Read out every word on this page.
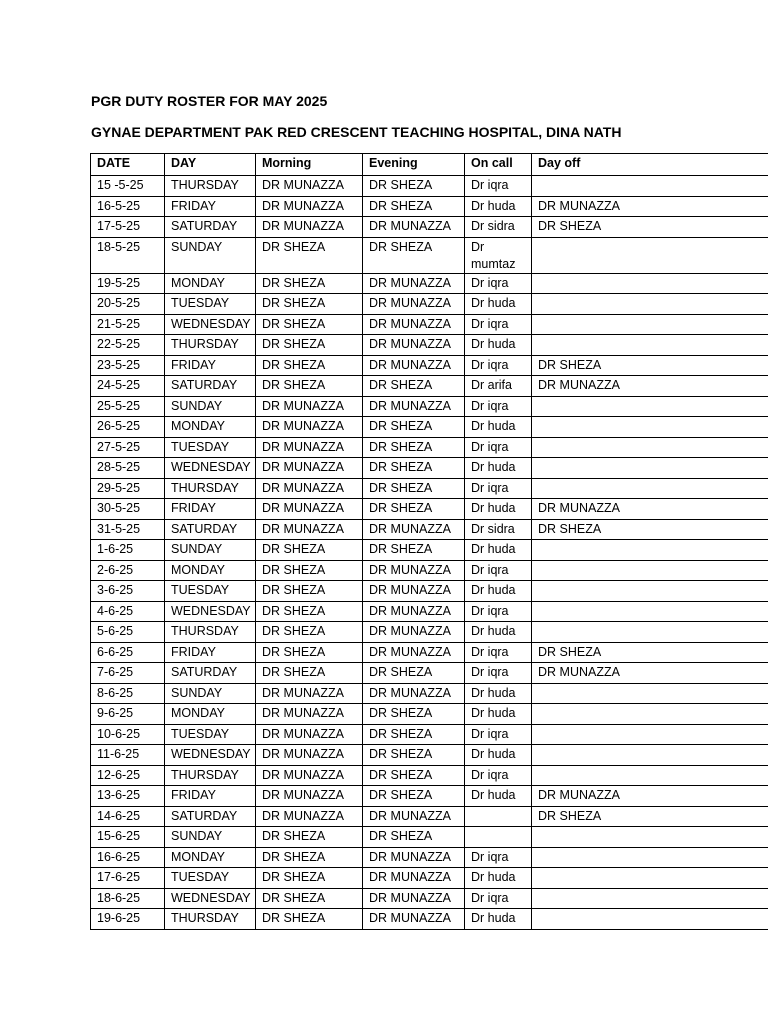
PGR DUTY ROSTER FOR MAY 2025
GYNAE DEPARTMENT PAK RED CRESCENT TEACHING HOSPITAL, DINA NATH
DATE	DAY	Morning	Evening	On call	Day off
15 -5-25	THURSDAY	DR MUNAZZA	DR SHEZA	Dr iqra	
16-5-25	FRIDAY	DR MUNAZZA	DR SHEZA	Dr huda	DR MUNAZZA
17-5-25	SATURDAY	DR MUNAZZA	DR MUNAZZA	Dr sidra	DR SHEZA
18-5-25	SUNDAY	DR SHEZA	DR SHEZA	Dr mumtaz	
19-5-25	MONDAY	DR SHEZA	DR MUNAZZA	Dr iqra	
20-5-25	TUESDAY	DR SHEZA	DR MUNAZZA	Dr huda	
21-5-25	WEDNESDAY	DR SHEZA	DR MUNAZZA	Dr iqra	
22-5-25	THURSDAY	DR SHEZA	DR MUNAZZA	Dr huda	
23-5-25	FRIDAY	DR SHEZA	DR MUNAZZA	Dr iqra	DR SHEZA
24-5-25	SATURDAY	DR SHEZA	DR SHEZA	Dr arifa	DR MUNAZZA
25-5-25	SUNDAY	DR MUNAZZA	DR MUNAZZA	Dr iqra	
26-5-25	MONDAY	DR MUNAZZA	DR SHEZA	Dr huda	
27-5-25	TUESDAY	DR MUNAZZA	DR SHEZA	Dr iqra	
28-5-25	WEDNESDAY	DR MUNAZZA	DR SHEZA	Dr huda	
29-5-25	THURSDAY	DR MUNAZZA	DR SHEZA	Dr iqra	
30-5-25	FRIDAY	DR MUNAZZA	DR SHEZA	Dr huda	DR MUNAZZA
31-5-25	SATURDAY	DR MUNAZZA	DR MUNAZZA	Dr sidra	DR SHEZA
1-6-25	SUNDAY	DR SHEZA	DR SHEZA	Dr huda	
2-6-25	MONDAY	DR SHEZA	DR MUNAZZA	Dr iqra	
3-6-25	TUESDAY	DR SHEZA	DR MUNAZZA	Dr huda	
4-6-25	WEDNESDAY	DR SHEZA	DR MUNAZZA	Dr iqra	
5-6-25	THURSDAY	DR SHEZA	DR MUNAZZA	Dr huda	
6-6-25	FRIDAY	DR SHEZA	DR MUNAZZA	Dr iqra	DR SHEZA
7-6-25	SATURDAY	DR SHEZA	DR SHEZA	Dr iqra	DR MUNAZZA
8-6-25	SUNDAY	DR MUNAZZA	DR MUNAZZA	Dr huda	
9-6-25	MONDAY	DR MUNAZZA	DR SHEZA	Dr huda	
10-6-25	TUESDAY	DR MUNAZZA	DR SHEZA	Dr iqra	
11-6-25	WEDNESDAY	DR MUNAZZA	DR SHEZA	Dr huda	
12-6-25	THURSDAY	DR MUNAZZA	DR SHEZA	Dr iqra	
13-6-25	FRIDAY	DR MUNAZZA	DR SHEZA	Dr huda	DR MUNAZZA
14-6-25	SATURDAY	DR MUNAZZA	DR MUNAZZA		DR SHEZA
15-6-25	SUNDAY	DR SHEZA	DR SHEZA		
16-6-25	MONDAY	DR SHEZA	DR MUNAZZA	Dr iqra	
17-6-25	TUESDAY	DR SHEZA	DR MUNAZZA	Dr huda	
18-6-25	WEDNESDAY	DR SHEZA	DR MUNAZZA	Dr iqra	
19-6-25	THURSDAY	DR SHEZA	DR MUNAZZA	Dr huda	
